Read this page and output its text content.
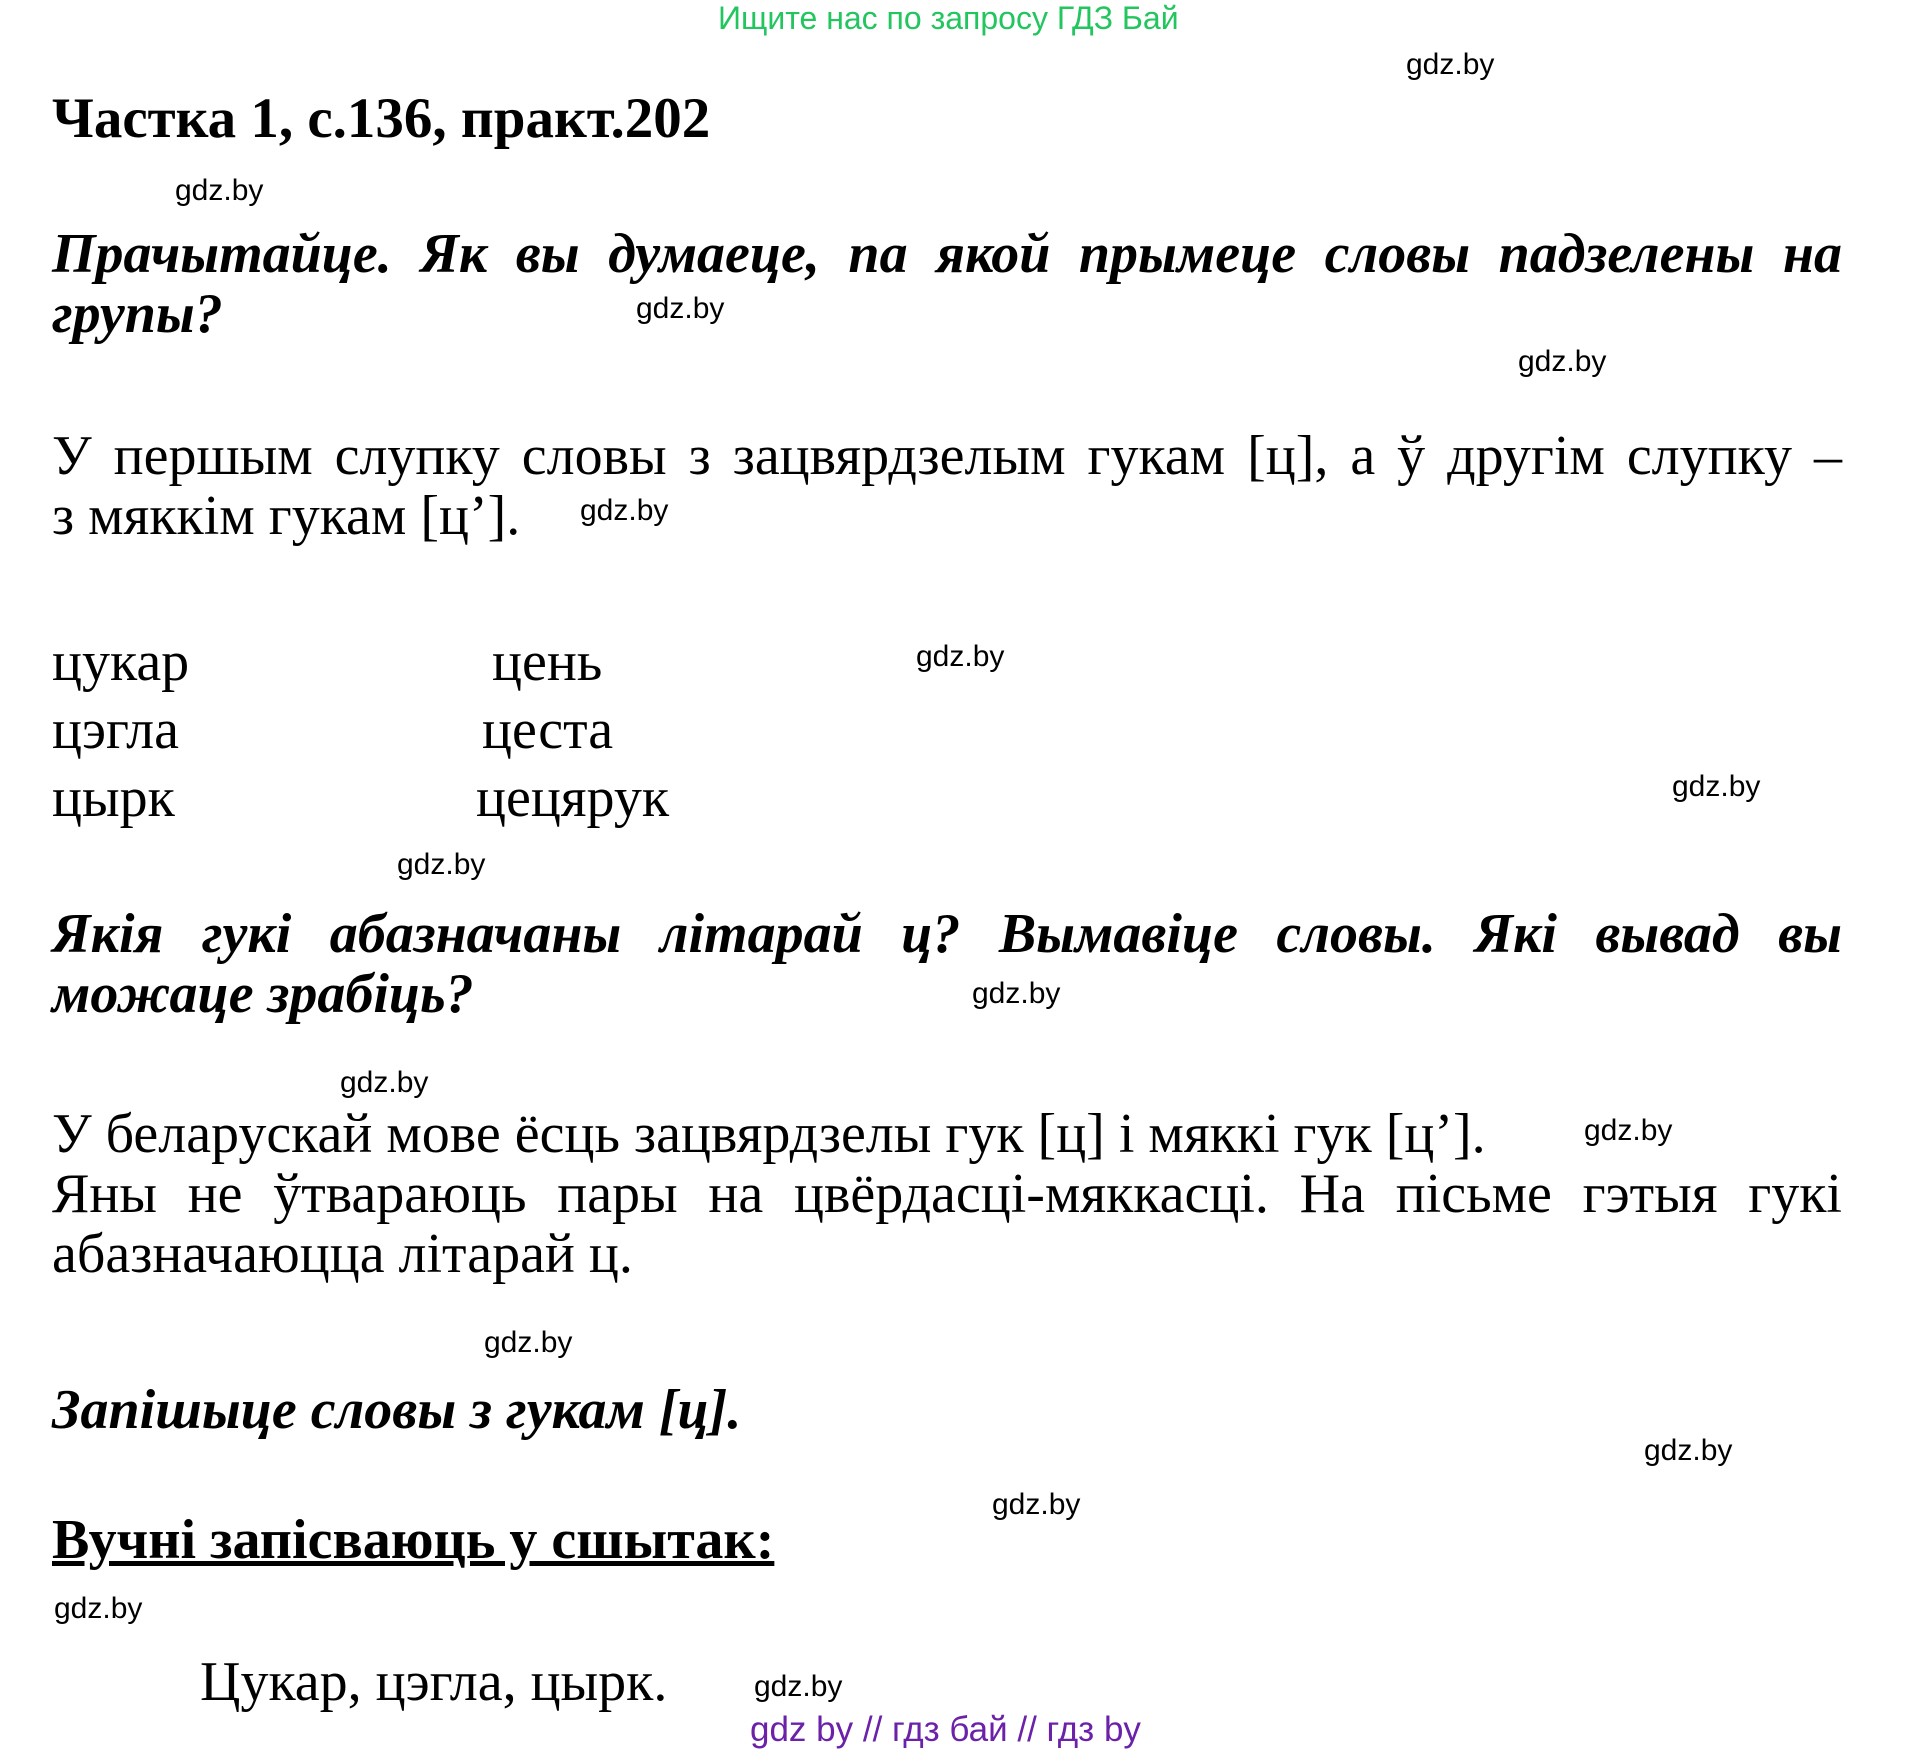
Ищите нас по запросу ГДЗ Бай
Частка 1, с.136, практ.202
Прачытайце. Як вы думаеце, па якой прымеце словы падзелены на
групы?
У першым слупку словы з зацвярдзелым гукам [ц], а ў другім слупку –
з мяккім гукам [ц’].
цукар
цэгла
цырк
цень
цеста
цецярук
Якія гукі абазначаны літарай ц? Вымавіце словы. Які вывад вы
можаце зрабіць?
У беларускай мове ёсць зацвярдзелы гук [ц] і мяккі гук [ц’].
Яны не ўтвараюць пары на цвёрдасці-мяккасці. На пісьме гэтыя гукі
абазначаюцца літарай ц.
Запішыце словы з гукам [ц].
Вучні запісваюць у сшытак:
Цукар, цэгла, цырк.
gdz.by
gdz.by
gdz.by
gdz.by
gdz.by
gdz.by
gdz.by
gdz.by
gdz.by
gdz.by
gdz.by
gdz.by
gdz.by
gdz.by
gdz.by
gdz.by
gdz by // гдз бай // гдз by
